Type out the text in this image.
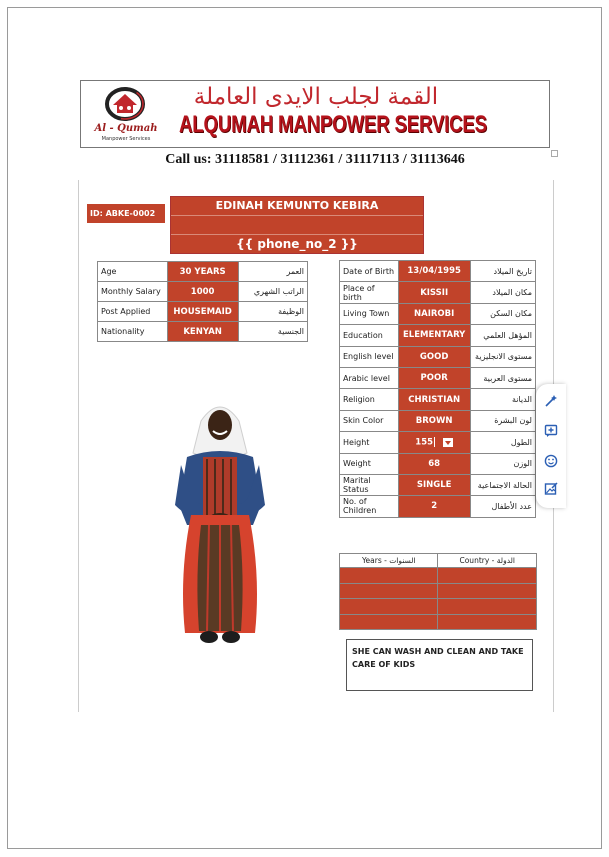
Al - Qumah
Manpower Services
القمة لجلب الايدى العاملة
ALQUMAH MANPOWER SERVICES
Call us: 31118581 / 31112361 / 31117113 / 31113646
ID: ABKE-0002
EDINAH KEMUNTO KEBIRA
{{ phone_no_2 }}
Age	30 YEARS	العمر
Monthly Salary	1000	الراتب الشهري
Post Applied	HOUSEMAID	الوظيفة
Nationality	KENYAN	الجنسية
Date of Birth	13/04/1995	تاريخ الميلاد
Place of birth	KISSII	مكان الميلاد
Living Town	NAIROBI	مكان السكن
Education	ELEMENTARY	المؤهل العلمي
English level	GOOD	مستوى الانجليزية
Arabic level	POOR	مستوى العربية
Religion	CHRISTIAN	الديانة
Skin Color	BROWN	لون البشرة
Height	155	الطول
Weight	68	الوزن
Marital Status	SINGLE	الحالة الاجتماعية
No. of Children	2	عدد الأطفال
Years - السنوات	Country - الدولة

SHE CAN WASH AND CLEAN AND TAKE CARE OF KIDS
